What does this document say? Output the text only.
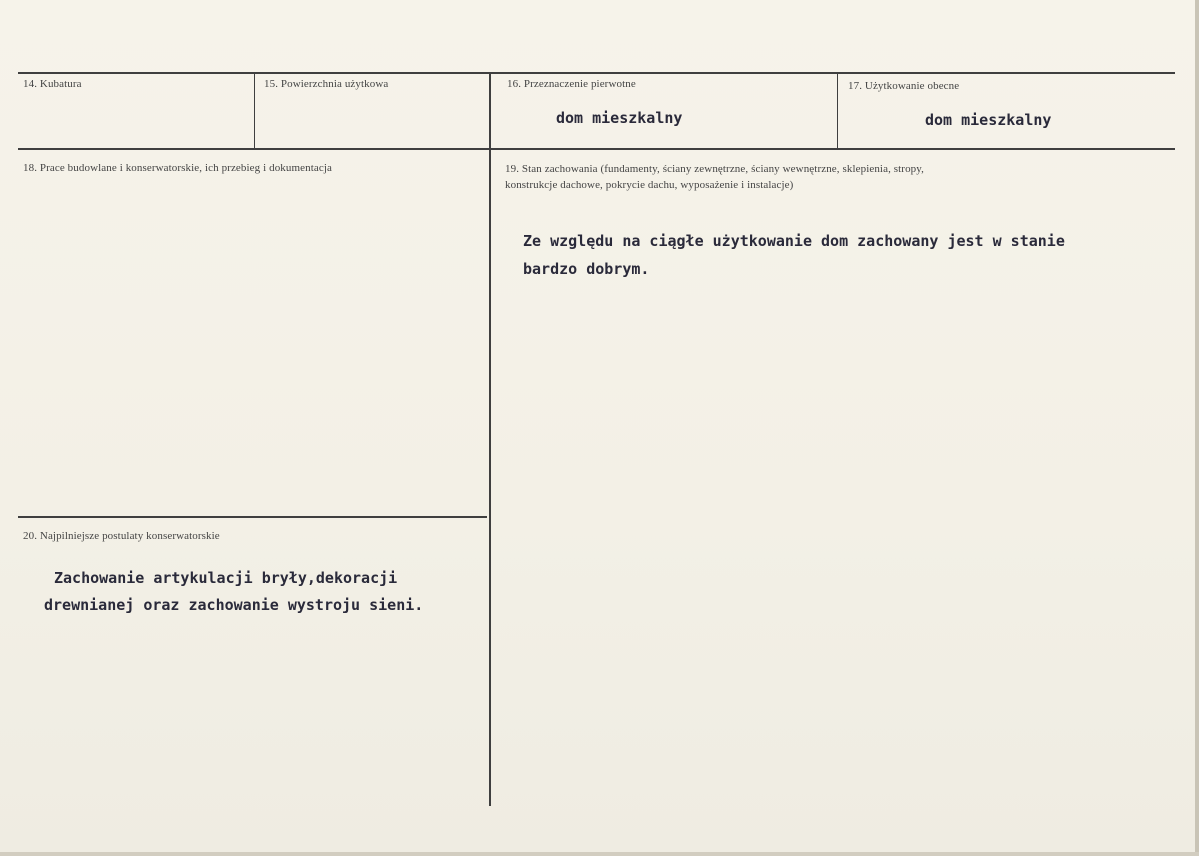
14. Kubatura	15. Powierzchnia użytkowa	16. Przeznaczenie pierwotne
dom mieszkalny
17. Użytkowanie obecne
dom mieszkalny
18. Prace budowlane i konserwatorskie, ich przebieg i dokumentacja	19. Stan zachowania (fundamenty, ściany zewnętrzne, ściany wewnętrzne, sklepienia, stropy,
konstrukcje dachowe, pokrycie dachu, wyposażenie i instalacje)
Ze względu na ciągłe użytkowanie dom zachowany jest w stanie
bardzo dobrym.
20. Najpilniejsze postulaty konserwatorskie
Zachowanie artykulacji bryły,dekoracji
drewnianej oraz zachowanie wystroju sieni.
